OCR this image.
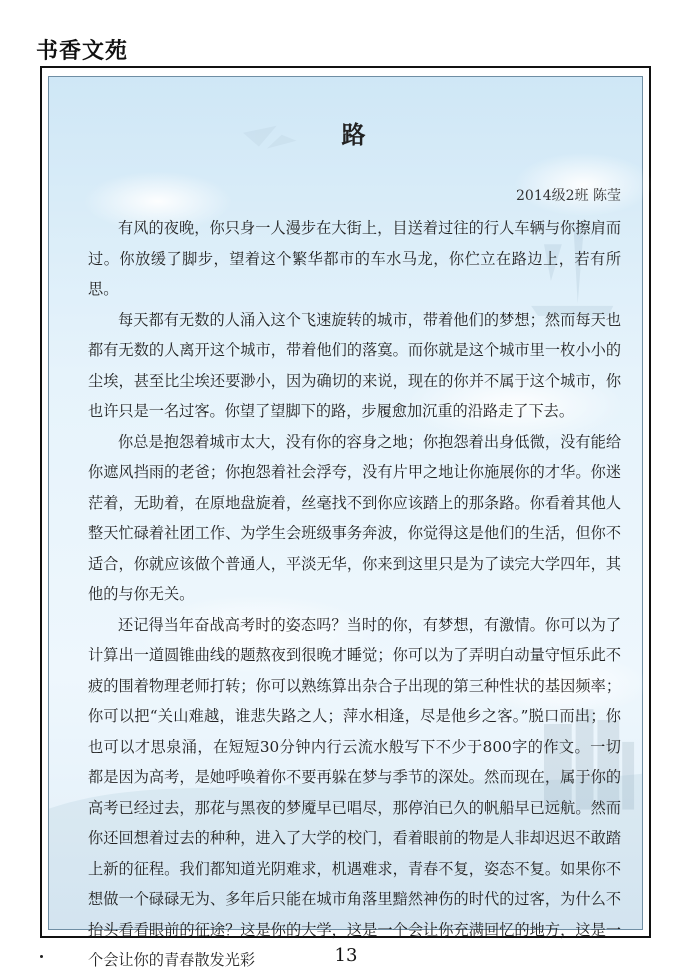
书香文苑
路
2014级2班 陈莹

有风的夜晚，你只身一人漫步在大街上，目送着过往的行人车辆与你擦肩而过。你放缓了脚步，望着这个繁华都市的车水马龙，你伫立在路边上，若有所思。

每天都有无数的人涌入这个飞速旋转的城市，带着他们的梦想；然而每天也都有无数的人离开这个城市，带着他们的落寞。而你就是这个城市里一枚小小的尘埃，甚至比尘埃还要渺小，因为确切的来说，现在的你并不属于这个城市，你也许只是一名过客。你望了望脚下的路，步履愈加沉重的沿路走了下去。

你总是抱怨着城市太大，没有你的容身之地；你抱怨着出身低微，没有能给你遮风挡雨的老爸；你抱怨着社会浮夸，没有片甲之地让你施展你的才华。你迷茫着，无助着，在原地盘旋着，丝毫找不到你应该踏上的那条路。你看着其他人整天忙碌着社团工作、为学生会班级事务奔波，你觉得这是他们的生活，但你不适合，你就应该做个普通人，平淡无华，你来到这里只是为了读完大学四年，其他的与你无关。

还记得当年奋战高考时的姿态吗？当时的你，有梦想，有激情。你可以为了计算出一道圆锥曲线的题熬夜到很晚才睡觉；你可以为了弄明白动量守恒乐此不疲的围着物理老师打转；你可以熟练算出杂合子出现的第三种性状的基因频率；你可以把“关山难越，谁悲失路之人；萍水相逢，尽是他乡之客。”脱口而出；你也可以才思泉涌，在短短30分钟内行云流水般写下不少于800字的作文。一切都是因为高考，是她呼唤着你不要再躲在梦与季节的深处。然而现在，属于你的高考已经过去，那花与黑夜的梦魇早已唱尽，那停泊已久的帆船早已远航。然而你还回想着过去的种种，进入了大学的校门，看着眼前的物是人非却迟迟不敢踏上新的征程。我们都知道光阴难求，机遇难求，青春不复，姿态不复。如果你不想做一个碌碌无为、多年后只能在城市角落里黯然神伤的时代的过客，为什么不抬头看看眼前的征途？这是你的大学，这是一个会让你充满回忆的地方，这是一个会让你的青春散发光彩	13
